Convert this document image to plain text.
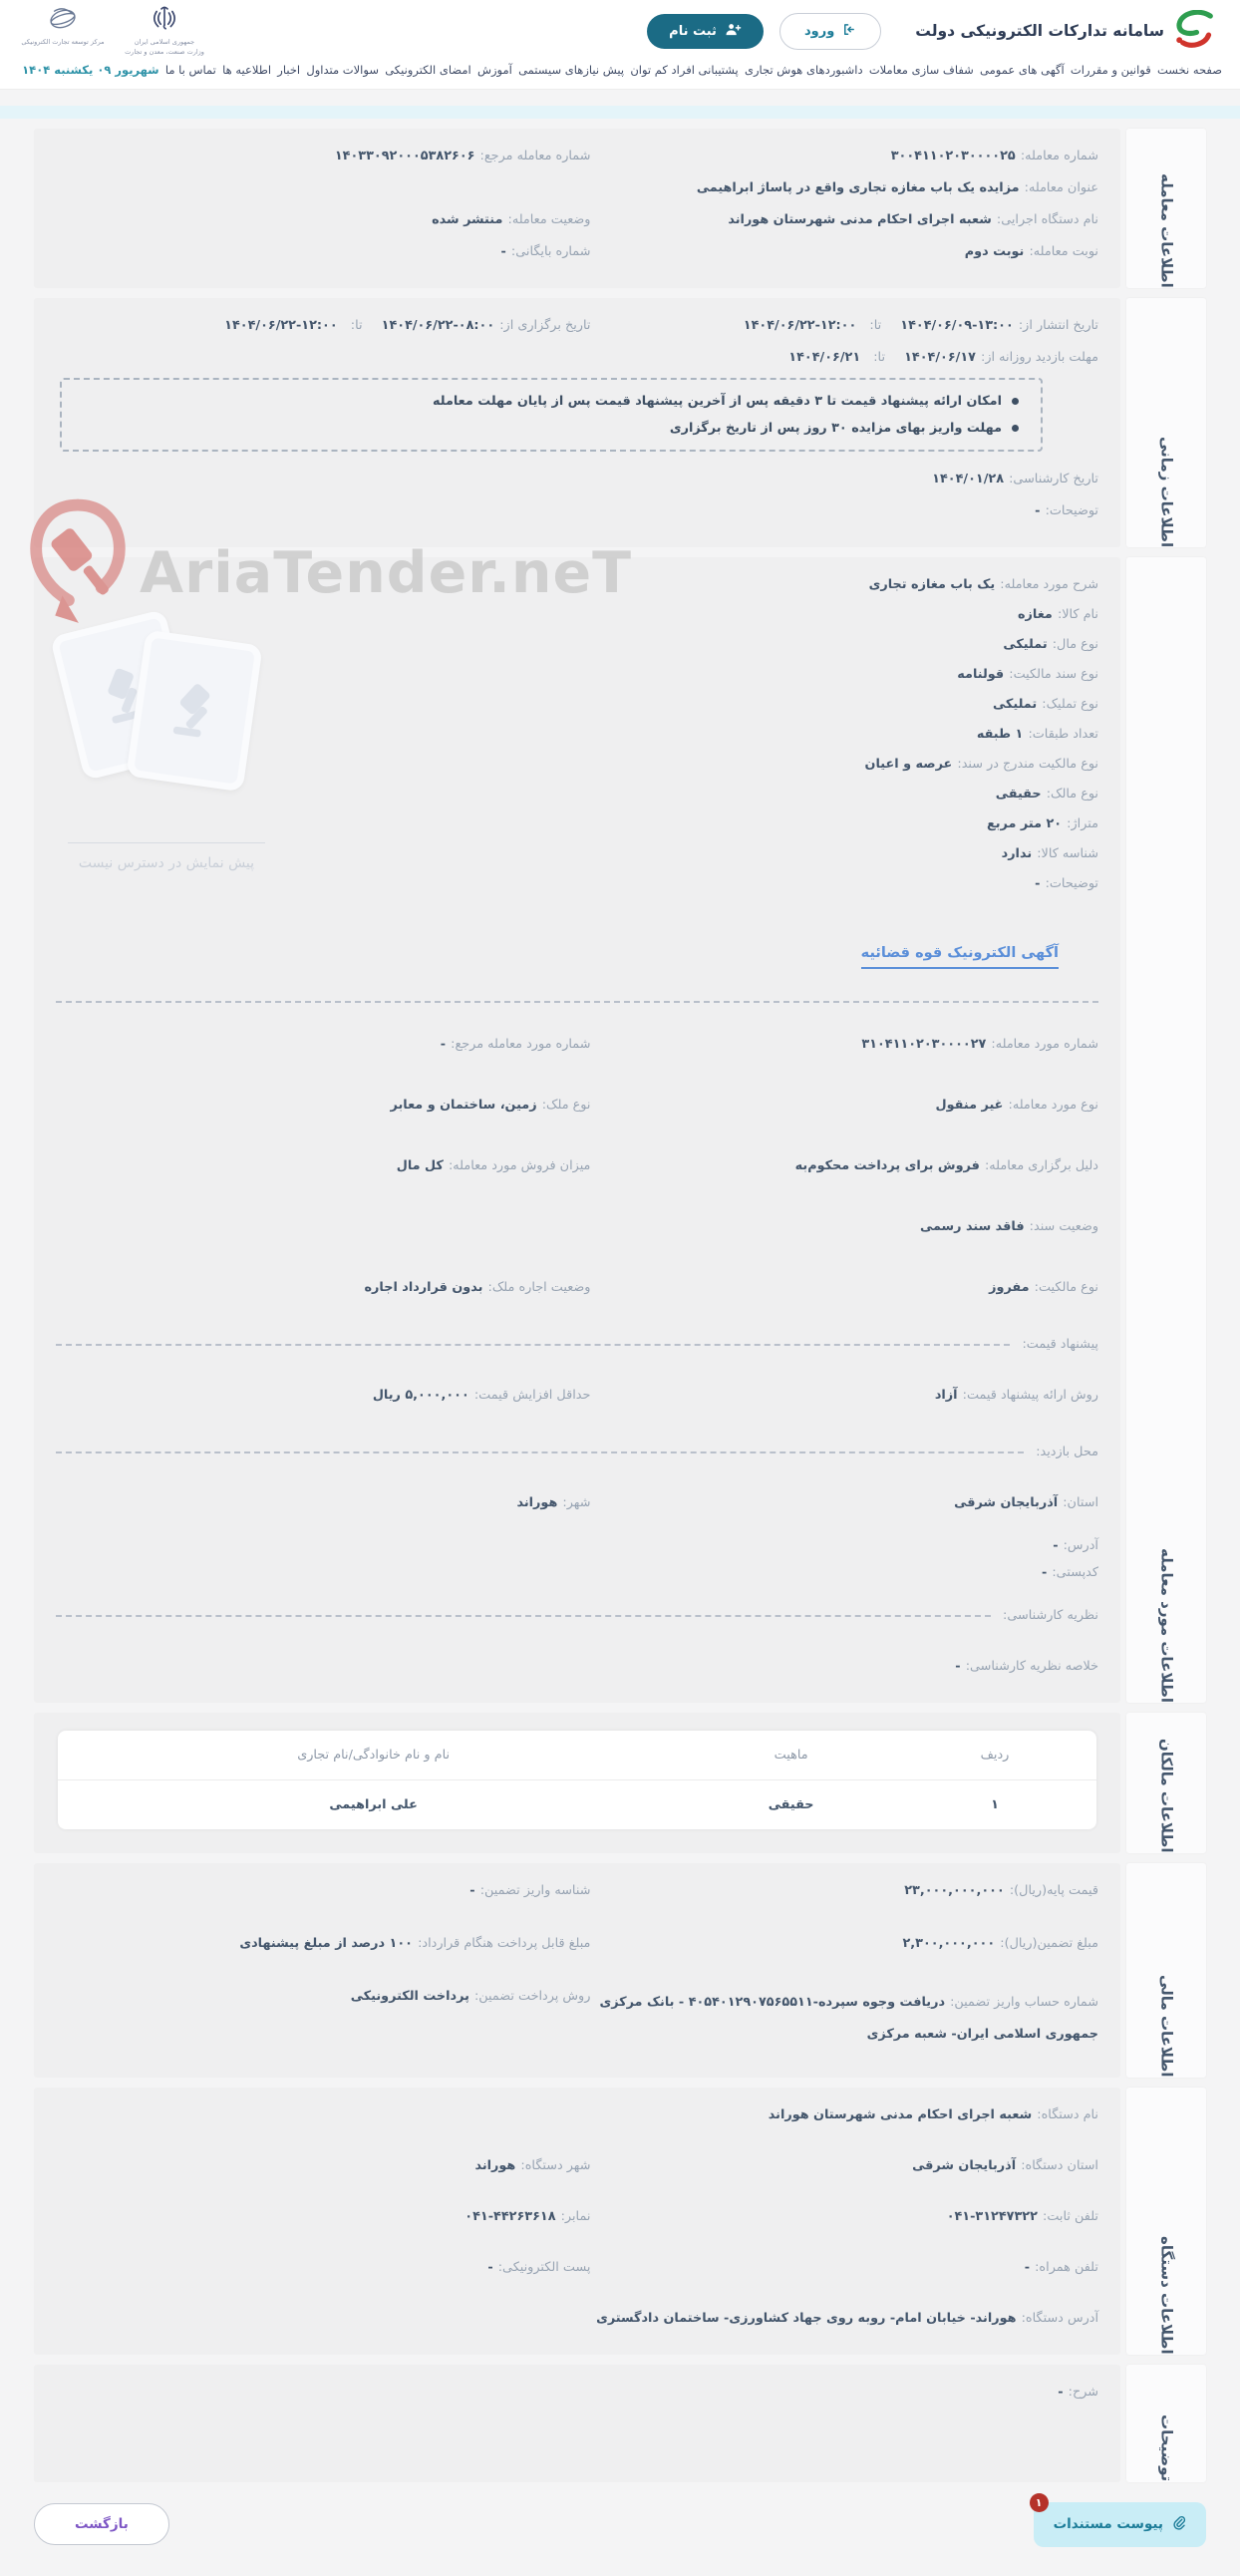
سامانه تدارکات الکترونیکی دولت
ورود
ثبت نام
جمهوری اسلامی ایران
وزارت صنعت، معدن و تجارت
مرکز توسعه تجارت الکترونیکی
صفحه نخست
قوانین و مقررات
آگهی های عمومی
شفاف سازی معاملات
داشبوردهای هوش تجاری
پشتیبانی افراد کم توان
پیش نیازهای سیستمی
آموزش
امضای الکترونیکی
سوالات متداول
اخبار
اطلاعیه ها
تماس با ما
شهریور ۰۹ یکشنبه ۱۴۰۴
AriaTender.neT
اطلاعات معامله
شماره معامله: ۳۰۰۴۱۱۰۲۰۳۰۰۰۰۲۵
شماره معامله مرجع: ۱۴۰۳۳۰۹۲۰۰۰۵۳۸۲۶۰۶
عنوان معامله: مزایده یک باب مغازه تجاری واقع در پاساژ ابراهیمی
نام دستگاه اجرایی: شعبه اجرای احکام مدنی شهرستان هوراند
وضعیت معامله: منتشر شده
نوبت معامله: نوبت دوم
شماره بایگانی: -
اطلاعات زمانی
تاریخ انتشار از: ۱۴۰۴/۰۶/۰۹-۱۳:۰۰ تا: ۱۴۰۴/۰۶/۲۲-۱۲:۰۰
تاریخ برگزاری از: ۱۴۰۴/۰۶/۲۲-۰۸:۰۰ تا: ۱۴۰۴/۰۶/۲۲-۱۲:۰۰
مهلت بازدید روزانه از: ۱۴۰۴/۰۶/۱۷ تا: ۱۴۰۴/۰۶/۲۱
امکان ارائه پیشنهاد قیمت تا ۳ دقیقه پس از آخرین پیشنهاد قیمت پس از پایان مهلت معامله
مهلت واریز بهای مزایده ۳۰ روز پس از تاریخ برگزاری
تاریخ کارشناسی: ۱۴۰۴/۰۱/۲۸
توضیحات: -
اطلاعات مورد معامله
پیش نمایش در دسترس نیست
شرح مورد معامله: یک باب مغازه تجاری
نام کالا: مغازه
نوع مال: تملیکی
نوع سند مالکیت: قولنامه
نوع تملیک: تملیکی
تعداد طبقات: ۱ طبقه
نوع مالکیت مندرج در سند: عرصه و اعیان
نوع مالک: حقیقی
متراژ: ۲۰ متر مربع
شناسه کالا: ندارد
توضیحات: -
آگهی الکترونیک قوه قضائیه
شماره مورد معامله: ۳۱۰۴۱۱۰۲۰۳۰۰۰۰۲۷
شماره مورد معامله مرجع: -
نوع مورد معامله: غیر منقول
نوع ملک: زمین، ساختمان و معابر
دلیل برگزاری معامله: فروش برای پرداخت محکوم‌به
میزان فروش مورد معامله: کل مال
وضعیت سند: فاقد سند رسمی
نوع مالکیت: مفروز
وضعیت اجاره ملک: بدون قرارداد اجاره
پیشنهاد قیمت:
روش ارائه پیشنهاد قیمت: آزاد
حداقل افزایش قیمت: ۵,۰۰۰,۰۰۰ ریال
محل بازدید:
استان: آذربایجان شرقی
شهر: هوراند
آدرس: -
کدپستی: -
نظریه کارشناسی:
خلاصه نظریه کارشناسی: -
اطلاعات مالکان
ردیف
ماهیت
نام و نام خانوادگی/نام تجاری
۱
حقیقی
علی ابراهیمی
اطلاعات مالی
قیمت پایه(ریال): ۲۳,۰۰۰,۰۰۰,۰۰۰
شناسه واریز تضمین: -
مبلغ تضمین(ریال): ۲,۳۰۰,۰۰۰,۰۰۰
مبلغ قابل پرداخت هنگام قرارداد: ۱۰۰ درصد از مبلغ پیشنهادی
شماره حساب واریز تضمین: دریافت وجوه سپرده-۴۰۵۴۰۱۲۹۰۷۵۶۵۵۱۱ - بانک مرکزی جمهوری اسلامی ایران- شعبه مرکزی
روش پرداخت تضمین: پرداخت الکترونیکی
اطلاعات دستگاه
نام دستگاه: شعبه اجرای احکام مدنی شهرستان هوراند
استان دستگاه: آذربایجان شرقی
شهر دستگاه: هوراند
تلفن ثابت: ۰۴۱-۳۱۲۴۷۳۲۲
نمابر: ۰۴۱-۴۴۲۶۳۶۱۸
تلفن همراه: -
پست الکترونیکی: -
آدرس دستگاه: هوراند- خیابان امام- روبه روی جهاد کشاورزی- ساختمان دادگستری
توضیحات
شرح: -
۱
پیوست مستندات
بازگشت
